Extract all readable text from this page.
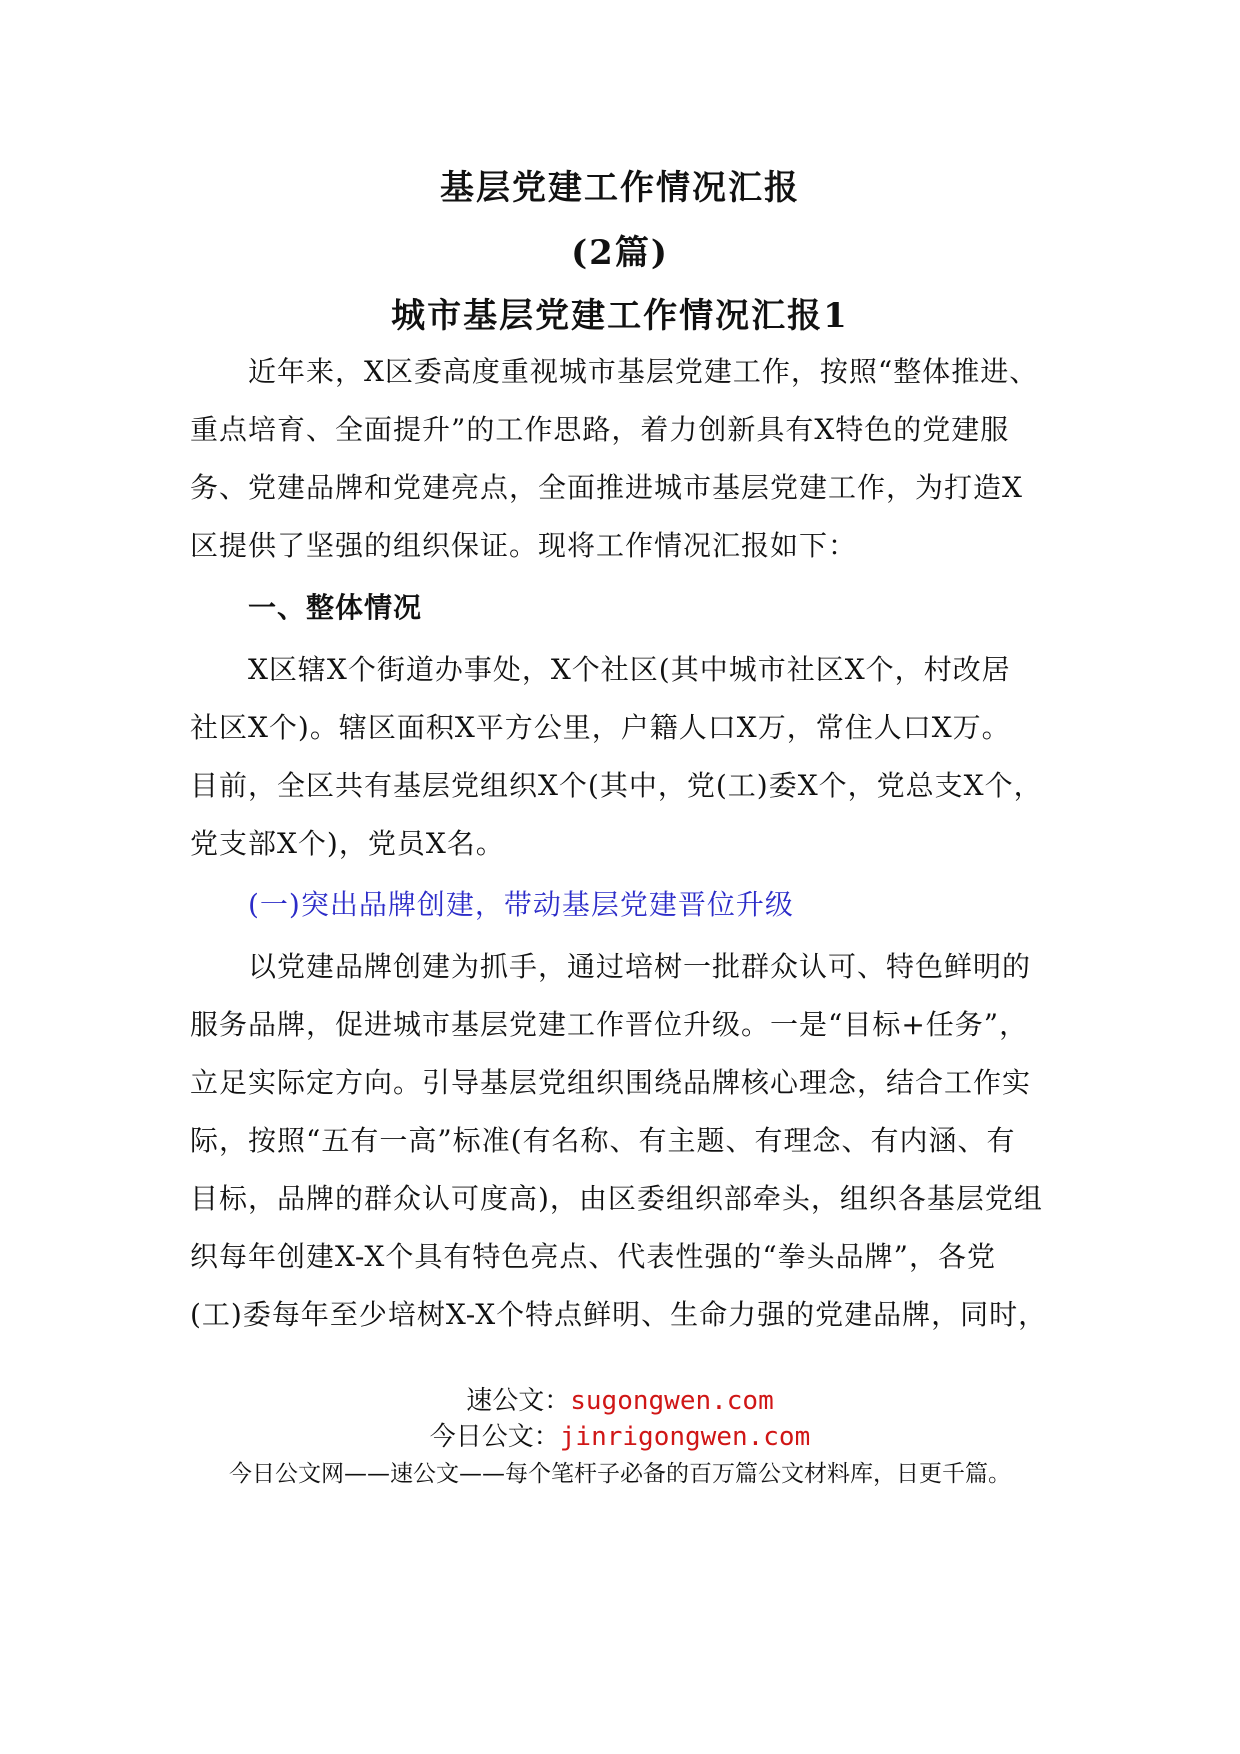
基层党建工作情况汇报
(2篇)
城市基层党建工作情况汇报1

近年来，X区委高度重视城市基层党建工作，按照“整体推进、

重点培育、全面提升”的工作思路，着力创新具有X特色的党建服

务、党建品牌和党建亮点，全面推进城市基层党建工作，为打造X

区提供了坚强的组织保证。现将工作情况汇报如下：

一、整体情况

X区辖X个街道办事处，X个社区(其中城市社区X个，村改居

社区X个)。辖区面积X平方公里，户籍人口X万，常住人口X万。

目前，全区共有基层党组织X个(其中，党(工)委X个，党总支X个，

党支部X个)，党员X名。

(一)突出品牌创建，带动基层党建晋位升级

以党建品牌创建为抓手，通过培树一批群众认可、特色鲜明的

服务品牌，促进城市基层党建工作晋位升级。一是“目标+任务”，

立足实际定方向。引导基层党组织围绕品牌核心理念，结合工作实

际，按照“五有一高”标准(有名称、有主题、有理念、有内涵、有

目标，品牌的群众认可度高)，由区委组织部牵头，组织各基层党组

织每年创建X-X个具有特色亮点、代表性强的“拳头品牌”，各党

(工)委每年至少培树X-X个特点鲜明、生命力强的党建品牌，同时，

速公文：sugongwen.com
今日公文：jinrigongwen.com
今日公文网——速公文——每个笔杆子必备的百万篇公文材料库，日更千篇。
